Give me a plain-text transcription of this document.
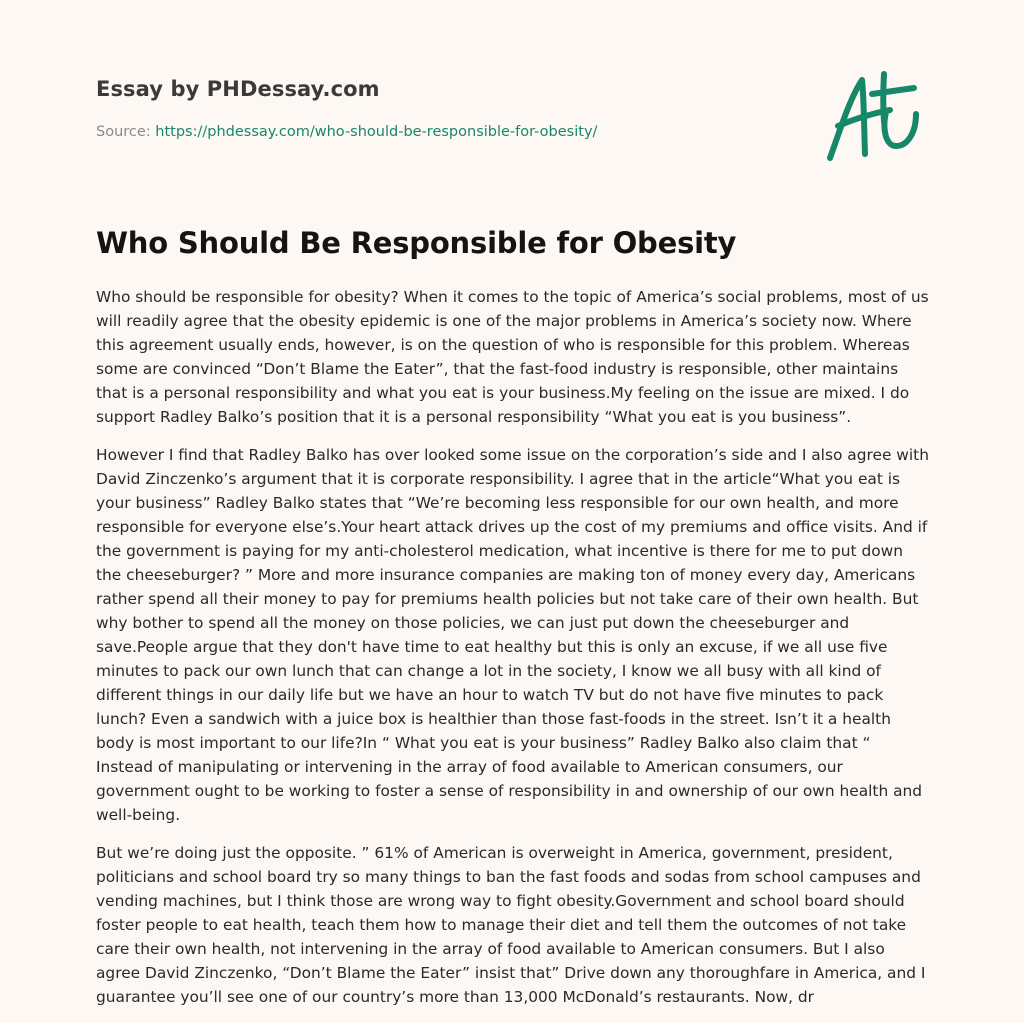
Essay by PHDessay.com
Source: https://phdessay.com/who-should-be-responsible-for-obesity/
Who Should Be Responsible for Obesity

Who should be responsible for obesity? When it comes to the topic of America’s social problems, most of us will readily agree that the obesity epidemic is one of the major problems in America’s society now. Where this agreement usually ends, however, is on the question of who is responsible for this problem. Whereas some are convinced “Don’t Blame the Eater”, that the fast-food industry is responsible, other maintains that is a personal responsibility and what you eat is your business.My feeling on the issue are mixed. I do support Radley Balko’s position that it is a personal responsibility “What you eat is you business”.

However I find that Radley Balko has over looked some issue on the corporation’s side and I also agree with David Zinczenko’s argument that it is corporate responsibility. I agree that in the article“What you eat is your business” Radley Balko states that “We’re becoming less responsible for our own health, and more responsible for everyone else’s.Your heart attack drives up the cost of my premiums and office visits. And if the government is paying for my anti-cholesterol medication, what incentive is there for me to put down the cheeseburger? ” More and more insurance companies are making ton of money every day, Americans rather spend all their money to pay for premiums health policies but not take care of their own health. But why bother to spend all the money on those policies, we can just put down the cheeseburger and save.People argue that they don't have time to eat healthy but this is only an excuse, if we all use five minutes to pack our own lunch that can change a lot in the society, I know we all busy with all kind of different things in our daily life but we have an hour to watch TV but do not have five minutes to pack lunch? Even a sandwich with a juice box is healthier than those fast-foods in the street. Isn’t it a health body is most important to our life?In “ What you eat is your business” Radley Balko also claim that “ Instead of manipulating or intervening in the array of food available to American consumers, our government ought to be working to foster a sense of responsibility in and ownership of our own health and well-being.

But we’re doing just the opposite. ” 61% of American is overweight in America, government, president, politicians and school board try so many things to ban the fast foods and sodas from school campuses and vending machines, but I think those are wrong way to fight obesity.Government and school board should foster people to eat health, teach them how to manage their diet and tell them the outcomes of not take care their own health, not intervening in the array of food available to American consumers. But I also agree David Zinczenko, “Don’t Blame the Eater” insist that” Drive down any thoroughfare in America, and I guarantee you’ll see one of our country’s more than 13,000 McDonald’s restaurants. Now, dr
